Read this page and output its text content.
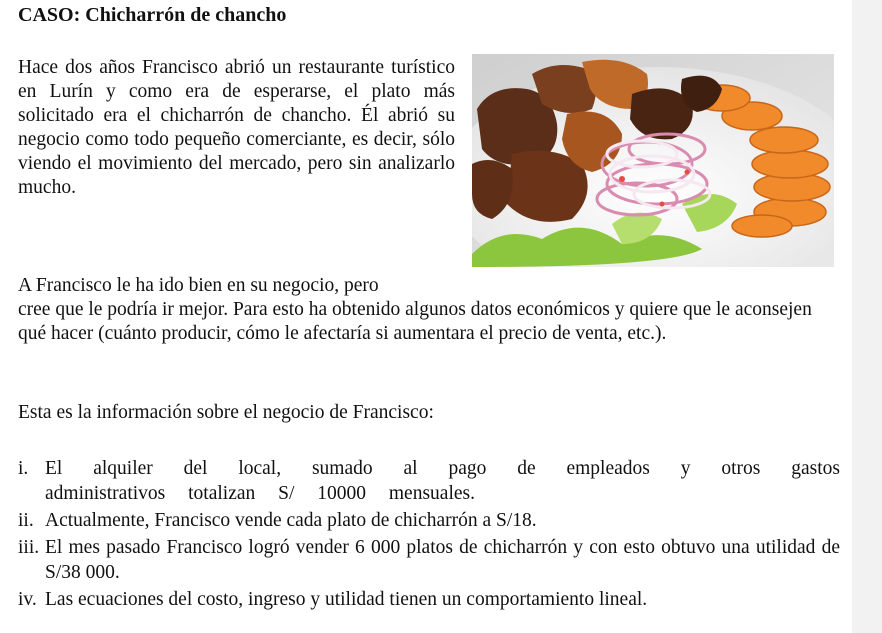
CASO: Chicharrón de chancho
Hace dos años Francisco abrió un restaurante turístico en Lurín y como era de esperarse, el plato más solicitado era el chicharrón de chancho. Él abrió su negocio como todo pequeño comerciante, es decir, sólo viendo el movimiento del mercado, pero sin analizarlo mucho.
A Francisco le ha ido bien en su negocio, pero
cree que le podría ir mejor. Para esto ha obtenido algunos datos económicos y quiere que le aconsejen qué hacer (cuánto producir, cómo le afectaría si aumentara el precio de venta, etc.).
Esta es la información sobre el negocio de Francisco:
i. El alquiler del local, sumado al pago de empleados y otros gastos administrativos totalizan S/ 10000 mensuales.
ii. Actualmente, Francisco vende cada plato de chicharrón a S/18.
iii. El mes pasado Francisco logró vender 6 000 platos de chicharrón y con esto obtuvo una utilidad de S/38 000.
iv. Las ecuaciones del costo, ingreso y utilidad tienen un comportamiento lineal.
